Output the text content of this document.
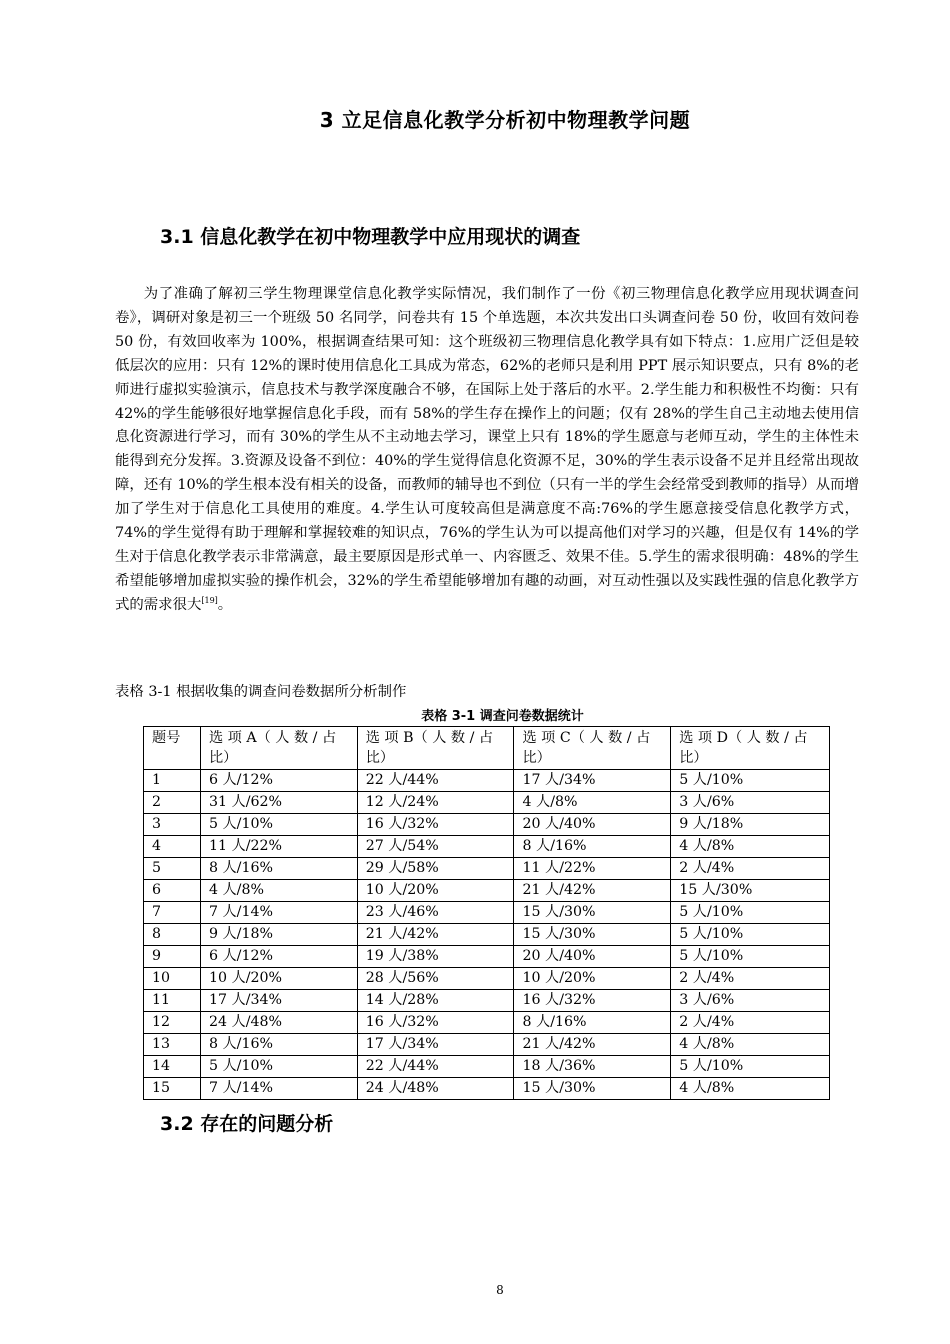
3 立足信息化教学分析初中物理教学问题
3.1 信息化教学在初中物理教学中应用现状的调查
为了准确了解初三学生物理课堂信息化教学实际情况，我们制作了一份《初三物理信息化教学应用现状调查问卷》，调研对象是初三一个班级 50 名同学，问卷共有 15 个单选题，本次共发出口头调查问卷 50 份，收回有效问卷 50 份，有效回收率为 100%，根据调查结果可知：这个班级初三物理信息化教学具有如下特点：1.应用广泛但是较低层次的应用：只有 12%的课时使用信息化工具成为常态，62%的老师只是利用 PPT 展示知识要点，只有 8%的老师进行虚拟实验演示，信息技术与教学深度融合不够，在国际上处于落后的水平。2.学生能力和积极性不均衡：只有 42%的学生能够很好地掌握信息化手段，而有 58%的学生存在操作上的问题；仅有 28%的学生自己主动地去使用信息化资源进行学习，而有 30%的学生从不主动地去学习，课堂上只有 18%的学生愿意与老师互动，学生的主体性未能得到充分发挥。3.资源及设备不到位：40%的学生觉得信息化资源不足，30%的学生表示设备不足并且经常出现故障，还有 10%的学生根本没有相关的设备，而教师的辅导也不到位（只有一半的学生会经常受到教师的指导）从而增加了学生对于信息化工具使用的难度。4.学生认可度较高但是满意度不高:76%的学生愿意接受信息化教学方式，74%的学生觉得有助于理解和掌握较难的知识点，76%的学生认为可以提高他们对学习的兴趣，但是仅有 14%的学生对于信息化教学表示非常满意，最主要原因是形式单一、内容匮乏、效果不佳。5.学生的需求很明确：48%的学生希望能够增加虚拟实验的操作机会，32%的学生希望能够增加有趣的动画，对互动性强以及实践性强的信息化教学方式的需求很大[19]。
表格 3-1 根据收集的调查问卷数据所分析制作
表格 3-1 调查问卷数据统计
题号	选 项 A（ 人 数 / 占比）	选 项 B（ 人 数 / 占比）	选 项 C（ 人 数 / 占比）	选 项 D（ 人 数 / 占比）
1	6 人/12%	22 人/44%	17 人/34%	5 人/10%
2	31 人/62%	12 人/24%	4 人/8%	3 人/6%
3	5 人/10%	16 人/32%	20 人/40%	9 人/18%
4	11 人/22%	27 人/54%	8 人/16%	4 人/8%
5	8 人/16%	29 人/58%	11 人/22%	2 人/4%
6	4 人/8%	10 人/20%	21 人/42%	15 人/30%
7	7 人/14%	23 人/46%	15 人/30%	5 人/10%
8	9 人/18%	21 人/42%	15 人/30%	5 人/10%
9	6 人/12%	19 人/38%	20 人/40%	5 人/10%
10	10 人/20%	28 人/56%	10 人/20%	2 人/4%
11	17 人/34%	14 人/28%	16 人/32%	3 人/6%
12	24 人/48%	16 人/32%	8 人/16%	2 人/4%
13	8 人/16%	17 人/34%	21 人/42%	4 人/8%
14	5 人/10%	22 人/44%	18 人/36%	5 人/10%
15	7 人/14%	24 人/48%	15 人/30%	4 人/8%
3.2 存在的问题分析
8
